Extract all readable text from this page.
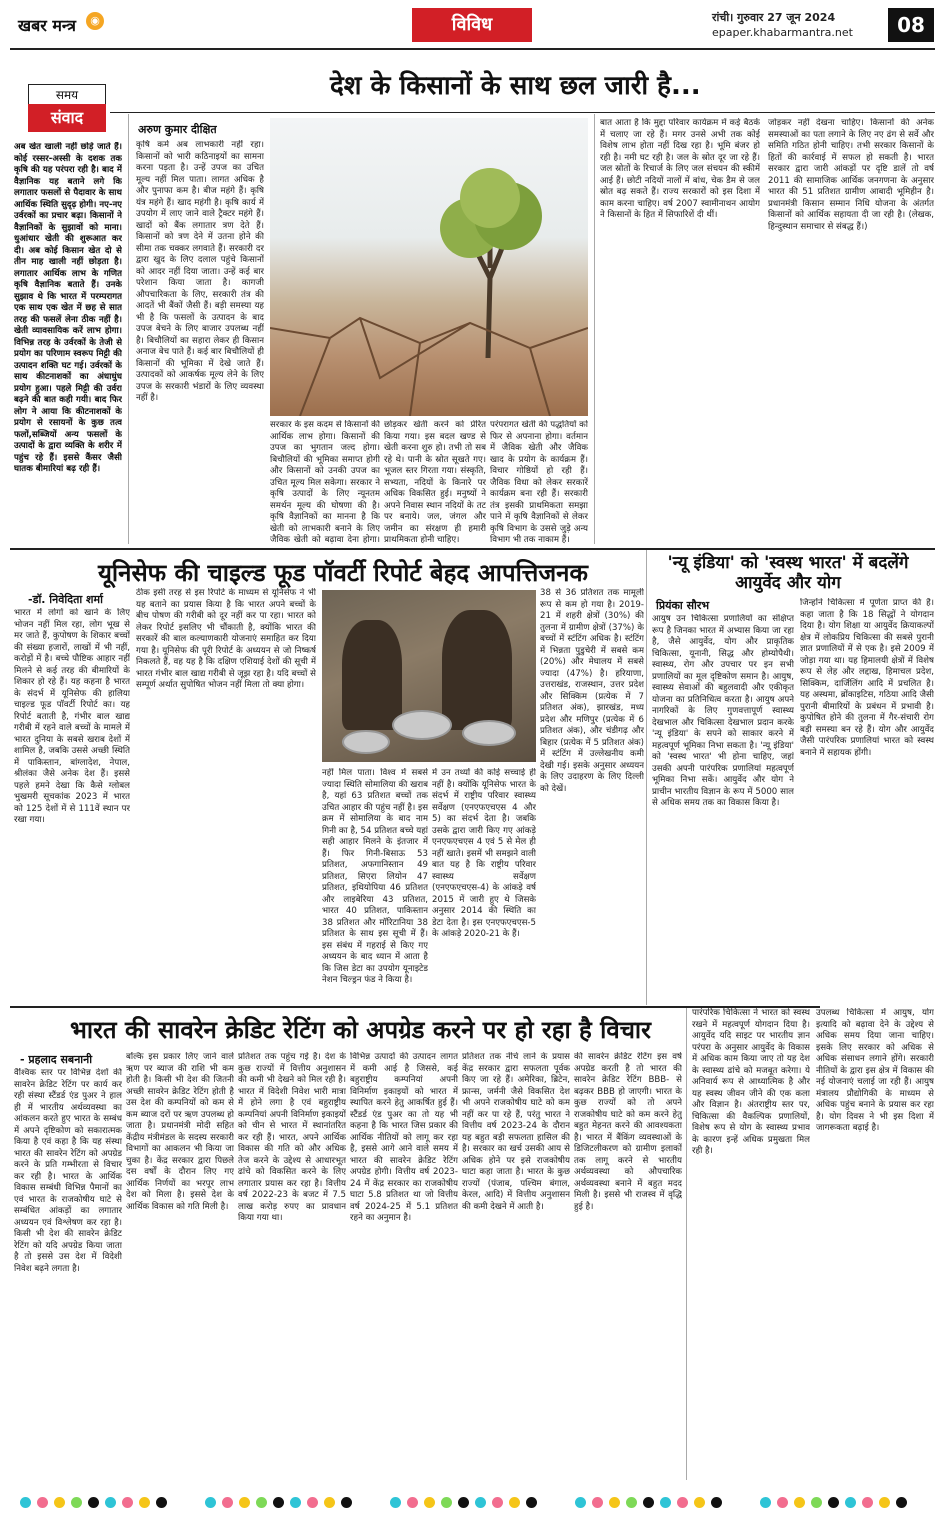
खबर मन्त्र	◉	विविध	रांची। गुरुवार 27 जून 2024
epaper.khabarmantra.net	08
देश के किसानों के साथ छल जारी है...
समय
संवाद
अब खेत खाली नहीं छोड़े जाते हैं। कोई रस्सर-अस्सी के दशक तक कृषि की यह परंपरा रही है। बाद में वैज्ञानिक यह बताने लगे कि लगातार फसलों से पैदावार के साथ आर्थिक स्थिति सुदृढ़ होगी। नए-नए उर्वरकों का प्रचार बढ़ा। किसानों ने वैज्ञानिकों के सुझावों को माना। धुआंधार खेती की शुरूआत कर दी। अब कोई किसान खेत दो से तीन माह खाली नहीं छोड़ता है। लगातार आर्थिक लाभ के गणित कृषि वैज्ञानिक बताते हैं। उनके सुझाव थे कि भारत में परम्परागत एक साथ एक खेत में छह से सात तरह की फसलें लेना ठीक नहीं है। खेती व्यावसायिक करें लाभ होगा। विभिन्न तरह के उर्वरकों के तेजी से प्रयोग का परिणाम स्वरूप मिट्टी की उत्पादन शक्ति घट गई। उर्वरकों के साथ कीटनाशकों का अंधाधुंध प्रयोग हुआ। पहले मिट्टी की उर्वरा बढ़ने की बात कही गयी। बाद फिर लोग ने आया कि कीटनाशकों के प्रयोग से रसायनों के कुछ तत्व फलों,सब्जियों अन्य फसलों के उत्पादों के द्वारा व्यक्ति के शरीर में पहुंच रहे हैं। इससे कैंसर जैसी घातक बीमारियां बढ़ रही हैं।
अरुण कुमार दीक्षित
कृषि कर्म अब लाभकारी नहीं रहा। किसानों को भारी कठिनाइयों का सामना करना पड़ता है। उन्हें उपज का उचित मूल्य नहीं मिल पाता। लागत अधिक है और पुनाफा कम है। बीज महंगे हैं। कृषि यंत्र महंगे हैं। खाद महंगी है। कृषि कार्य में उपयोग में लाए जाने वाले ट्रैक्टर महंगे हैं। खादों को बैंक लगातार त्रण देते हैं। किसानों को त्रण देने में उतना होने की सीमा तक चक्कर लगवाते हैं। सरकारी दर द्वारा खुद के लिए दलाल पहुंचे किसानों को आदर नहीं दिया जाता। उन्हें कई बार परेशान किया जाता है। कागजी औपचारिकता के लिए, सरकारी तंत्र की आदतें भी बैंकों जैसी हैं। बड़ी समस्या यह भी है कि फसलों के उत्पादन के बाद उपज बेचने के लिए बाजार उपलब्ध नहीं है। बिचौलियों का सहारा लेकर ही किसान अनाज बेच पाते हैं। कई बार बिचौलियों ही किसानों की भूमिका में देखे जाते हैं। उत्पादकों को आकर्षक मूल्य लेने के लिए उपज के सरकारी भंडारों के लिए व्यवस्था नहीं है।
सरकार के इस कदम से किसानों की आर्थिक लाभ होगा। किसानों की उपज का भुगतान जल्द होगा। बिचौलियों की भूमिका समाप्त होगी और किसानों को उनकी उपज का उचित मूल्य मिल सकेगा। सरकार ने कृषि उत्पादों के लिए न्यूनतम समर्थन मूल्य की घोषणा की है। कृषि वैज्ञानिकों का मानना है कि खेती को लाभकारी बनाने के लिए जैविक खेती को बढ़ावा देना होगा।
छोड़कर खेती करने को प्रेरित किया गया। इस बदल खण्ड से खेती करना शुरु हो। तभी तो सब रहे थे। पानी के स्रोत सूखते गए। भूजल स्तर गिरता गया। संस्कृति, सभ्यता, नदियों के किनारे पर अधिक विकसित हुई। मनुष्यों ने अपने निवास स्थान नदियों के तट पर बनाये। जल, जंगल और जमीन का संरक्षण ही हमारी प्राथमिकता होनी चाहिए।
परंपरागत खेती की पद्धतियों को फिर से अपनाना होगा। वर्तमान में जैविक खेती और जैविक खाद के प्रयोग के कार्यक्रम हैं। विचार गोष्ठियों हो रही हैं। जैविक विधा को लेकर सरकारें कार्यक्रम बना रही हैं। सरकारी तंत्र इसकी प्राथमिकता समझा पाने में कृषि वैज्ञानिकों से लेकर कृषि विभाग के उससे जुड़े अन्य विभाग भी तक नाकाम हैं।
बात आता है कि मुद्दा परिवार कार्यक्रम में कई बैठकें में चलाए जा रहे हैं। मगर उनसे अभी तक कोई विशेष लाभ होता नहीं दिख रहा है। भूमि बंजर हो रही है। नमी घट रही है। जल के स्रोत दूर जा रहे हैं। जल स्रोतों के रिचार्ज के लिए जल संचयन की स्कीमें आई हैं। छोटी नदियों नालों में बांध, चेक डैम से जल स्रोत बढ़ सकते हैं। राज्य सरकारों को इस दिशा में काम करना चाहिए। वर्ष 2007 स्वामीनाथन आयोग ने किसानों के हित में सिफारिशें दी थीं।
जोड़कर नहीं देखना चाहिए। किसानों की अनेक समस्याओं का पता लगाने के लिए नए ढंग से सर्वे और समिति गठित होनी चाहिए। तभी सरकार किसानों के हितों की कार्रवाई में सफल हो सकती है। भारत सरकार द्वारा जारी आंकड़ों पर दृष्टि डालें तो वर्ष 2011 की सामाजिक आर्थिक जनगणना के अनुसार भारत की 51 प्रतिशत ग्रामीण आबादी भूमिहीन है। प्रधानमंत्री किसान सम्मान निधि योजना के अंतर्गत किसानों को आर्थिक सहायता दी जा रही है। (लेखक, हिन्दुस्थान समाचार से संबद्ध हैं।)
यूनिसेफ की चाइल्ड फूड पॉवर्टी रिपोर्ट बेहद आपत्तिजनक
-डॉ. निवेदिता शर्मा
भारत में लोगों को खाने के लिए भोजन नहीं मिल रहा, लोग भूख से मर जाते हैं, कुपोषण के शिकार बच्चों की संख्या हजारों, लाखों में भी नहीं, करोड़ों में है। बच्चे पौष्टिक आहार नहीं मिलने से कई तरह की बीमारियों के शिकार हो रहे हैं। यह कहना है भारत के संदर्भ में यूनिसेफ की हालिया चाइल्ड फूड पॉवर्टी रिपोर्ट का। यह रिपोर्ट बताती है, गंभीर बाल खाद्य गरीबी में रहने वाले बच्चों के मामले में भारत दुनिया के सबसे खराब देशों में शामिल है, जबकि उससे अच्छी स्थिति में पाकिस्तान, बांग्लादेश, नेपाल, श्रीलंका जैसे अनेक देश हैं। इससे पहले हमने देखा कि कैसे ग्लोबल भुखमरी सूचकांक 2023 में भारत को 125 देशों में से 111वें स्थान पर रखा गया।
ठीक इसी तरह से इस रिपोर्ट के माध्यम से यूनिसेफ ने भी यह बताने का प्रयास किया है कि भारत अपने बच्चों के बीच पोषण की गरीबी को दूर नहीं कर पा रहा। भारत को लेकर रिपोर्ट इसलिए भी चौंकाती है, क्योंकि भारत की सरकारें की बाल कल्याणकारी योजनाएं समाहित कर दिया गया है। यूनिसेफ की पूरी रिपोर्ट के अध्ययन से जो निष्कर्ष निकलते हैं, वह यह है कि दक्षिण एशियाई देशों की सूची में भारत गंभीर बाल खाद्य गरीबी से जूझ रहा है। यदि बच्चों से सम्पूर्ण अर्थात सुपोषित भोजन नहीं मिला तो क्या होगा।
नहीं मिल पाता। विश्व में सबसे ज्यादा स्थिति सोमालिया की खराब है, यहां 63 प्रतिशत बच्चों तक उचित आहार की पहुंच नहीं है। इस क्रम में सोमालिया के बाद नाम गिनी का है, 54 प्रतिशत बच्चे यहां सही आहार मिलने के इंतजार में हैं। फिर गिनी-बिसाऊ 53 प्रतिशत, अफगानिस्तान 49 प्रतिशत, सिएरा लियोन 47 प्रतिशत, इथियोपिया 46 प्रतिशत और लाइबेरिया 43 प्रतिशत, भारत 40 प्रतिशत, पाकिस्तान 38 प्रतिशत और मॉरिटानिया 38 प्रतिशत के साथ इस सूची में हैं। इस संबंध में गहराई से किए गए अध्ययन के बाद ध्यान में आता है कि जिस डेटा का उपयोग यूनाइटेड नेशन चिल्ड्रन फंड ने किया है।
में उन तथ्यों की कोई सच्चाई ही नहीं है। क्योंकि यूनिसेफ भारत के संदर्भ में राष्ट्रीय परिवार स्वास्थ्य सर्वेक्षण (एनएफएचएस 4 और 5) का संदर्भ देता है। जबकि उसके द्वारा जारी किए गए आंकड़े एनएफएचएस 4 एवं 5 से मेल ही नहीं खाते। इसमें भी समझने वाली बात यह है कि राष्ट्रीय परिवार स्वास्थ्य सर्वेक्षण (एनएफएचएस-4) के आंकड़े वर्ष 2015 में जारी हुए थे जिसके अनुसार 2014 की स्थिति का डेटा देता है। इस एनएफएचएस-5 के आंकड़े 2020-21 के हैं।
38 से 36 प्रतिशत तक मामूली रूप से कम हो गया है। 2019-21 में शहरी क्षेत्रों (30%) की तुलना में ग्रामीण क्षेत्रों (37%) के बच्चों में स्टंटिंग अधिक है। स्टंटिंग में भिन्नता पुडुचेरी में सबसे कम (20%) और मेघालय में सबसे ज्यादा (47%) है। हरियाणा, उत्तराखंड, राजस्थान, उत्तर प्रदेश और सिक्किम (प्रत्येक में 7 प्रतिशत अंक), झारखंड, मध्य प्रदेश और मणिपुर (प्रत्येक में 6 प्रतिशत अंक), और चंडीगढ़ और बिहार (प्रत्येक में 5 प्रतिशत अंक) में स्टंटिंग में उल्लेखनीय कमी देखी गई। इसके अनुसार अध्ययन के लिए उदाहरण के लिए दिल्ली को देखें।
'न्यू इंडिया' को 'स्वस्थ भारत' में बदलेंगे आयुर्वेद और योग
प्रियंका सौरभ
आयुष उन चिकित्सा प्रणालियों का संक्षिप्त रूप है जिनका भारत में अभ्यास किया जा रहा है, जैसे आयुर्वेद, योग और प्राकृतिक चिकित्सा, यूनानी, सिद्ध और होम्योपैथी। स्वास्थ्य, रोग और उपचार पर इन सभी प्रणालियों का मूल दृष्टिकोण समान है। आयुष, स्वास्थ्य सेवाओं की बहुलवादी और एकीकृत योजना का प्रतिनिधित्व करता है। आयुष अपने नागरिकों के लिए गुणवत्तापूर्ण स्वास्थ्य देखभाल और चिकित्सा देखभाल प्रदान करके 'न्यू इंडिया' के सपने को साकार करने में महत्वपूर्ण भूमिका निभा सकता है। 'न्यू इंडिया' को 'स्वस्थ भारत' भी होना चाहिए, जहां उसकी अपनी पारंपरिक प्रणालियां महत्वपूर्ण भूमिका निभा सकें। आयुर्वेद और योग ने प्राचीन भारतीय विज्ञान के रूप में 5000 साल से अधिक समय तक का विकास किया है।
जिन्होंने चिकित्सा में पूर्णता प्राप्त की है। कहा जाता है कि 18 सिद्धों ने योगदान दिया है। योग शिक्षा या आयुर्वेद क्रियाकल्पों क्षेत्र में लोकप्रिय चिकित्सा की सबसे पुरानी ज्ञात प्रणालियों में से एक है। इसे 2009 में जोड़ा गया था। यह हिमालयी क्षेत्रों में विशेष रूप से लेह और लद्दाख, हिमाचल प्रदेश, सिक्किम, दार्जिलिंग आदि में प्रचलित है। यह अस्थमा, ब्रोंकाइटिस, गठिया आदि जैसी पुरानी बीमारियों के प्रबंधन में प्रभावी है। कुपोषित होने की तुलना में गैर-संचारी रोग बड़ी समस्या बन रहे हैं। योग और आयुर्वेद जैसी पारंपरिक प्रणालियां भारत को स्वस्थ बनाने में सहायक होंगी।
भारत की सावरेन क्रेडिट रेटिंग को अपग्रेड करने पर हो रहा है विचार
- प्रहलाद सबनानी
वैश्विक स्तर पर विभिन्न देशों की सावरेन क्रेडिट रेटिंग पर कार्य कर रही संस्था स्टैंडर्ड एंड पुअर ने हाल ही में भारतीय अर्थव्यवस्था का आंकलन करते हुए भारत के सम्बंध में अपने दृष्टिकोण को सकारात्मक किया है एवं कहा है कि यह संस्था भारत की सावरेन रेटिंग को अपग्रेड करने के प्रति गम्भीरता से विचार कर रही है। भारत के आर्थिक विकास सम्बंधी विभिन्न पैमानों का एवं भारत के राजकोषीय घाटे से सम्बंधित आंकड़ों का लगातार अध्ययन एवं विश्लेषण कर रहा है। किसी भी देश की सावरेन क्रेडिट रेटिंग को यदि अपग्रेड किया जाता है तो इससे उस देश में विदेशी निवेश बढ़ने लगता है।
बल्कि इस प्रकार लिए जाने वाले ऋण पर ब्याज की राशि भी कम होती है। किसी भी देश की जितनी अच्छी सावरेन क्रेडिट रेटिंग होती है उस देश की कम्पनियों को कम से कम ब्याज दरों पर ऋण उपलब्ध हो जाता है। प्रधानमंत्री मोदी सहित केंद्रीय मंत्रीमंडल के सदस्य सरकारी विभागों का आकलन भी किया जा चुका है। केंद्र सरकार द्वारा पिछले दस वर्षों के दौरान लिए गए आर्थिक निर्णयों का भरपूर लाभ देश को मिला है। इससे देश के आर्थिक विकास को गति मिली है।
प्रतिशत तक पहुंच गई है। देश के कुछ राज्यों में वित्तीय अनुशासन की कमी भी देखने को मिल रही है। भारत में विदेशी निवेश भारी मात्रा में होने लगा है एवं बहुराष्ट्रीय कम्पनियां अपनी विनिर्माण इकाइयों को चीन से भारत में स्थानांतरित कर रही हैं। भारत, अपने आर्थिक विकास की गति को और अधिक तेज करने के उद्देश्य से आधारभूत ढांचे को विकसित करने के लिए लगातार प्रयास कर रहा है। वित्तीय वर्ष 2022-23 के बजट में 7.5 लाख करोड़ रुपए का प्रावधान किया गया था।
विभिन्न उत्पादों की उत्पादन लागत में कमी आई है जिससे, कई बहुराष्ट्रीय कम्पनियां अपनी विनिर्माण इकाइयों को भारत में स्थापित करने हेतु आकर्षित हुई हैं। स्टैंडर्ड एंड पुअर का तो यह भी कहना है कि भारत जिस प्रकार की आर्थिक नीतियों को लागू कर रहा है, इससे आगे आने वाले समय में भारत की सावरेन क्रेडिट रेटिंग अपग्रेड होगी। वित्तीय वर्ष 2023-24 में केंद्र सरकार का राजकोषीय घाटा 5.8 प्रतिशत था जो वित्तीय वर्ष 2024-25 में 5.1 प्रतिशत रहने का अनुमान है।
प्रतिशत तक नीचे लाने के प्रयास केंद्र सरकार द्वारा सफलता पूर्वक किए जा रहे हैं। अमेरिका, ब्रिटेन, फ्रान्स, जर्मनी जैसे विकसित देश भी अपने राजकोषीय घाटे को कम नहीं कर पा रहे हैं, परंतु भारत ने वित्तीय वर्ष 2023-24 के दौरान यह बहुत बड़ी सफलता हासिल की है। सरकार का खर्च उसकी आय से अधिक होने पर इसे राजकोषीय घाटा कहा जाता है। भारत के कुछ राज्यों (पंजाब, पश्चिम बंगाल, केरल, आदि) में वित्तीय अनुशासन की कमी देखने में आती है।
की सावरेन क्रेडिट रेटिंग इस वर्ष अपग्रेड करती है तो भारत की सावरेन क्रेडिट रेटिंग BBB- से बढ़कर BBB हो जाएगी। भारत के कुछ राज्यों को तो अपने राजकोषीय घाटे को कम करने हेतु बहुत मेहनत करने की आवश्यकता है। भारत में बैंकिंग व्यवस्थाओं के डिजिटलीकरण को ग्रामीण इलाकों तक लागू करने से भारतीय अर्थव्यवस्था को औपचारिक अर्थव्यवस्था बनाने में बहुत मदद मिली है। इससे भी राजस्व में वृद्धि हुई है।
पारंपरिक चिकित्सा ने भारत को स्वस्थ रखने में महत्वपूर्ण योगदान दिया है। आयुर्वेद यदि साइट पर भारतीय ज्ञान परंपरा के अनुसार आयुर्वेद के विकास में अधिक काम किया जाए तो यह देश के स्वास्थ्य ढांचे को मजबूत करेगा। ये अनिवार्य रूप से आध्यात्मिक है और यह स्वस्थ जीवन जीने की एक कला और विज्ञान है। अंतराष्ट्रीय स्तर पर, चिकित्सा की वैकल्पिक प्रणालियों, विशेष रूप से योग के स्वास्थ्य प्रभाव के कारण इन्हें अधिक प्रमुखता मिल रही है।
उपलब्ध चिकित्सा में आयुष, योग इत्यादि को बढ़ावा देने के उद्देश्य से अधिक समय दिया जाना चाहिए। इसके लिए सरकार को अधिक से अधिक संसाधन लगाने होंगे। सरकारी नीतियों के द्वारा इस क्षेत्र में विकास की नई योजनाएं चलाई जा रही हैं। आयुष मंत्रालय प्रौद्योगिकी के माध्यम से अधिक पहुंच बनाने के प्रयास कर रहा है। योग दिवस ने भी इस दिशा में जागरूकता बढ़ाई है।
